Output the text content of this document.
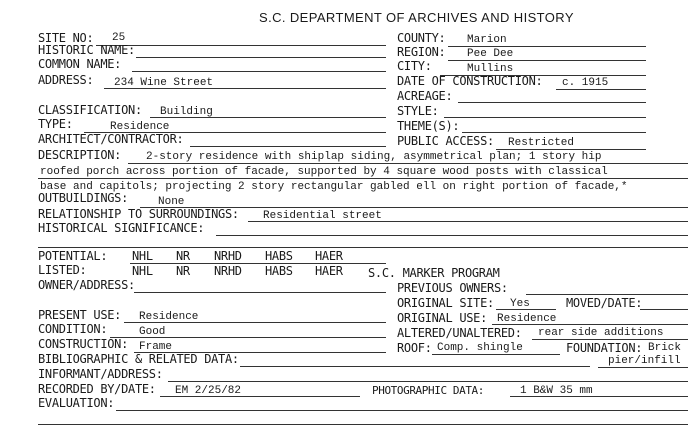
S.C. DEPARTMENT OF ARCHIVES AND HISTORY
SITE NO: 25	COUNTY: Marion
HISTORIC NAME:	REGION: Pee Dee
COMMON NAME:	CITY:	Mullins
ADDRESS: 234 Wine Street	DATE OF CONSTRUCTION: c. 1915
ACREAGE:
CLASSIFICATION: Building	STYLE:
TYPE:	Residence	THEME(S):
ARCHITECT/CONTRACTOR:	PUBLIC ACCESS: Restricted
DESCRIPTION: 2-story residence with shiplap siding, asymmetrical plan; 1 story hip
roofed porch across portion of facade, supported by 4 square wood posts with classical
base and capitols; projecting 2 story rectangular gabled ell on right portion of facade,*
OUTBUILDINGS:	None
RELATIONSHIP TO SURROUNDINGS: Residential street
HISTORICAL SIGNIFICANCE:
POTENTIAL: NHL NR NRHD HABS HAER
LISTED:	NHL NR NRHD HABS HAER S.C. MARKER PROGRAM
OWNER/ADDRESS:	PREVIOUS OWNERS:
ORIGINAL SITE: Yes	MOVED/DATE:
PRESENT USE: Residence	ORIGINAL USE: Residence
CONDITION:	Good	ALTERED/UNALTERED: rear side additions
CONSTRUCTION: Frame	ROOF: Comp. shingle	FOUNDATION: Brick
pier/infill
BIBLIOGRAPHIC & RELATED DATA:
INFORMANT/ADDRESS:
RECORDED BY/DATE: EM 2/25/82	PHOTOGRAPHIC DATA:	1 B&W 35 mm
EVALUATION:
